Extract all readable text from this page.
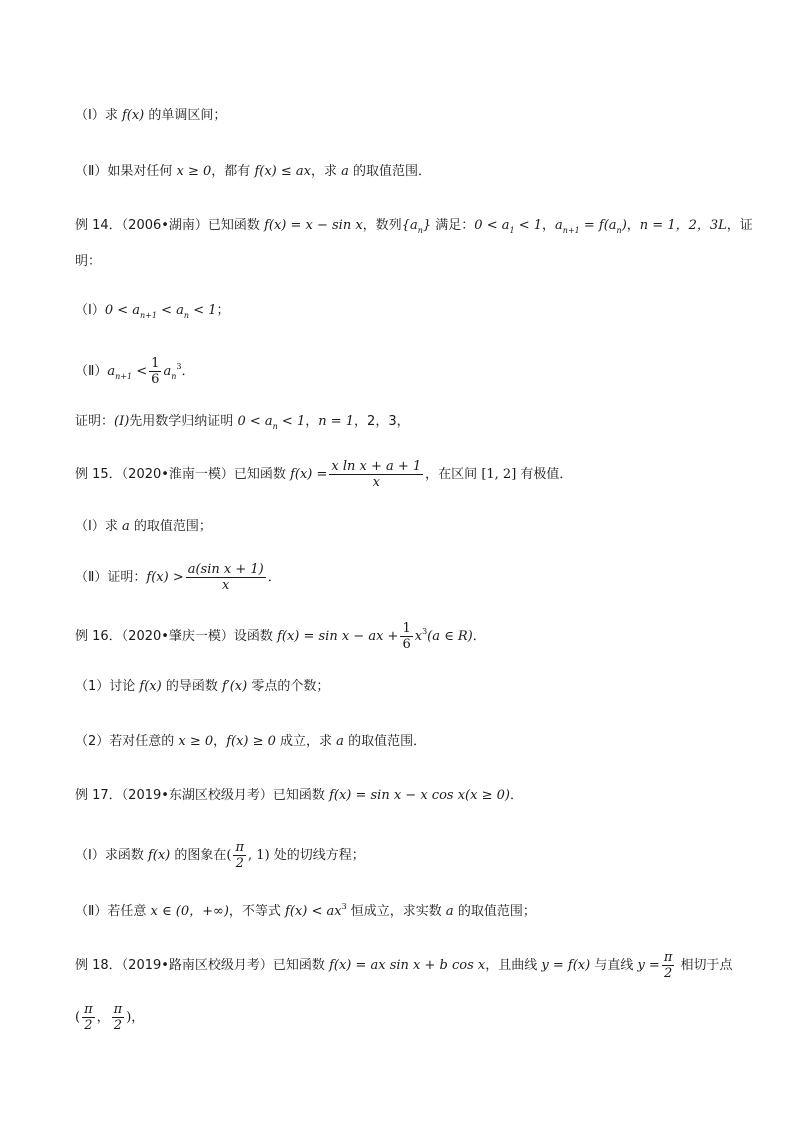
（Ⅰ）求 f(x) 的单调区间；
（Ⅱ）如果对任何 x ≥ 0，都有 f(x) ≤ ax，求 a 的取值范围．
例 14．（2006•湖南）已知函数 f(x) = x − sin x，数列$\{a_n\}$ 满足：$0 < a_1 < 1$，$a_{n+1} = f(a_n)$，n = 1，2，3L，证
明：
（Ⅰ）0 < $a_{n+1} < a_n < 1$；
$(Ⅱ)a_{n+1} < \frac{1}{6} a_n^3$．
证明：(I)先用数学归纳证明 $0 < a_n < 1$，n = 1，2，3，
例 15．（2020•淮南一模）已知函数 $f(x) = \frac{\text{x ln x + a + 1}}{x}$ ，在区间 [1, 2] 有极值．
（Ⅰ）求 a 的取值范围；
（Ⅱ）证明：$f(x) > \frac{\text{a(sin x + 1)}}{x}$ ．
例 16．（2020•肇庆一模）设函数 f(x) = sin x − ax + $\frac{1}{6} x^3(a$ ∈ R)．
（1）讨论 f(x) 的导函数 f′(x) 零点的个数；
（2）若对任意的 x ≥ 0，f(x) ≥ 0 成立，求 a 的取值范围．
例 17．（2019•东湖区校级月考）已知函数 f(x) = sin x − x cos x(x ≥ 0)．
（Ⅰ）求函数 f(x) 的图象在( $\frac{\pi}{2}$ , 1) 处的切线方程；
（Ⅱ）若任意 x ∈ (0，+∞)，不等式 $f(x) < ax^3$ 恒成立，求实数 a 的取值范围；
例 18．（2019•路南区校级月考）已知函数 f(x) = ax sin x + b cos x，且曲线 y = f(x) 与直线 $y = \frac{\pi}{2}$ 相切于点
( $\frac{\pi}{2}$ ， $\frac{\pi}{2}$ )，
